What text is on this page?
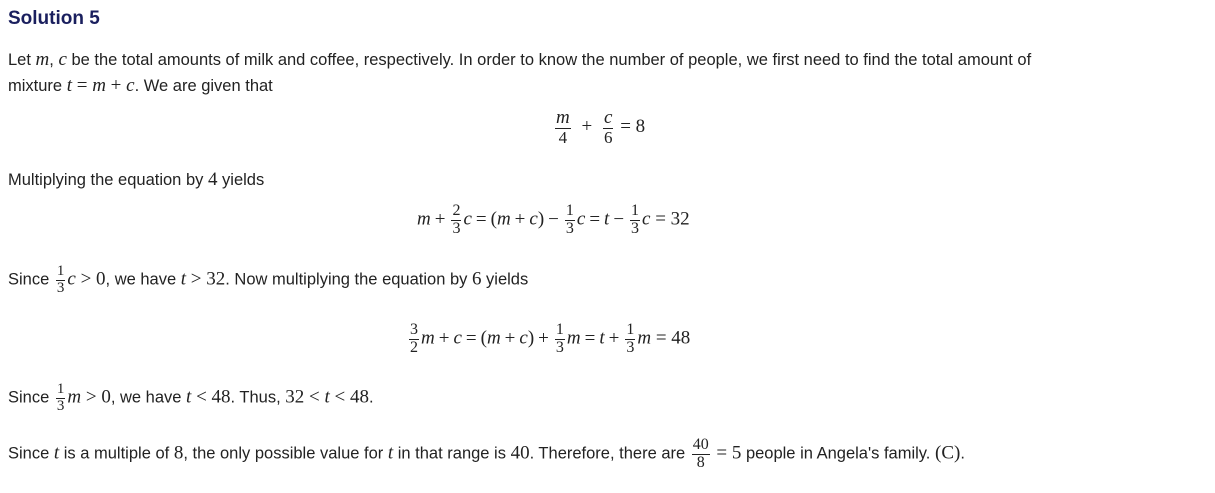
Solution 5
Let m, c be the total amounts of milk and coffee, respectively. In order to know the number of people, we first need to find the total amount of
mixture t = m + c. We are given that
$\frac{m}{4} + \frac{c}{6} = 8$
Multiplying the equation by 4 yields
$m + \frac{2}{3}$ $c = (m + c) - \frac{1}{3}$ $c = t - \frac{1}{3}$ c = 32
Since $\frac{1}{3}$ c > 0, we have t > 32. Now multiplying the equation by 6 yields
$\frac{3}{2}$ $m + c = (m + c) + \frac{1}{3}$ $m = t + \frac{1}{3}$ m = 48
Since $\frac{1}{3}$ m > 0, we have t < 48. Thus, 32 < t < 48.
Since t is a multiple of 8, the only possible value for t in that range is 40. Therefore, there are $\frac{40}{8} = 5$ people in Angela's family. (C).
